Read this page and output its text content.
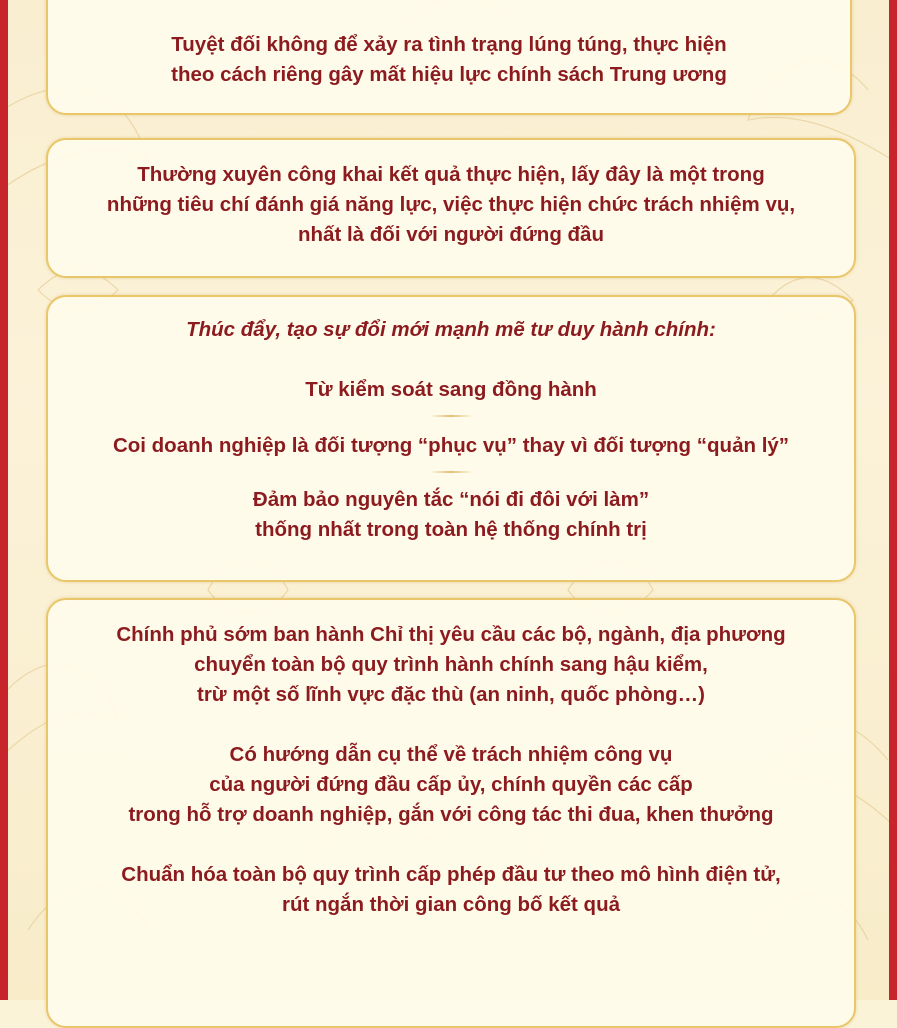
Tuyệt đối không để xảy ra tình trạng lúng túng, thực hiện

theo cách riêng gây mất hiệu lực chính sách Trung ương

Thường xuyên công khai kết quả thực hiện, lấy đây là một trong

những tiêu chí đánh giá năng lực, việc thực hiện chức trách nhiệm vụ,

nhất là đối với người đứng đầu

Thúc đẩy, tạo sự đổi mới mạnh mẽ tư duy hành chính:

Từ kiểm soát sang đồng hành

Coi doanh nghiệp là đối tượng “phục vụ” thay vì đối tượng “quản lý”

Đảm bảo nguyên tắc “nói đi đôi với làm”

thống nhất trong toàn hệ thống chính trị

Chính phủ sớm ban hành Chỉ thị yêu cầu các bộ, ngành, địa phương

chuyển toàn bộ quy trình hành chính sang hậu kiểm,

trừ một số lĩnh vực đặc thù (an ninh, quốc phòng…)

Có hướng dẫn cụ thể về trách nhiệm công vụ

của người đứng đầu cấp ủy, chính quyền các cấp

trong hỗ trợ doanh nghiệp, gắn với công tác thi đua, khen thưởng

Chuẩn hóa toàn bộ quy trình cấp phép đầu tư theo mô hình điện tử,

rút ngắn thời gian công bố kết quả
